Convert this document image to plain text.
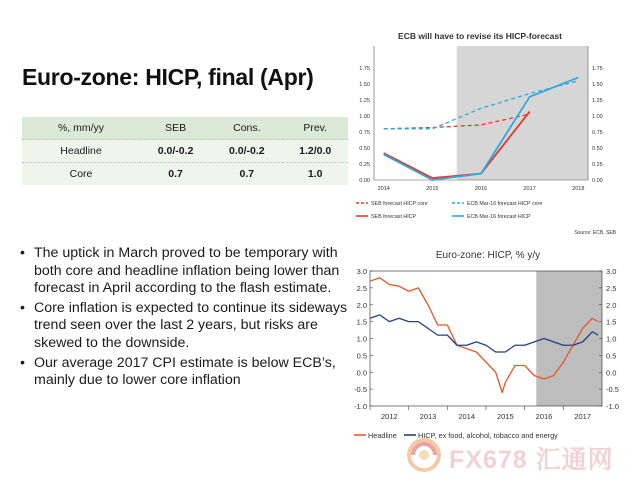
Euro-zone: HICP, final (Apr)
%, mm/yy	SEB	Cons.	Prev.
Headline	0.0/-0.2	0.0/-0.2	1.2/0.0
Core	0.7	0.7	1.0
• The uptick in March proved to be temporary with both core and headline inflation being lower than forecast in April according to the flash estimate.
• Core inflation is expected to continue its sideways trend seen over the last 2 years, but risks are skewed to the downside.
• Our average 2017 CPI estimate is below ECB’s, mainly due to lower core inflation
ECB will have to revise its HICP-forecast
0.00	0.00
0.25	0.25
0.50	0.50
0.75	0.75
1.00	1.00
1.25	1.25
1.50	1.50
1.75	1.75
2014	2015	2016	2017	2018
SEB forecast HICP core	ECB Mar-16 forecast HICP core
SEB forecast HICP	ECB Mar-16 forecast HICP
Source: ECB, SEB
Euro-zone: HICP, % y/y
-1.0	-1.0
-0.5	-0.5
0.0	0.0
0.5	0.5
1.0	1.0
1.5	1.5
2.0	2.0
2.5	2.5
3.0	3.0
2012	2013	2014	2015	2016	2017
Headline	HICP, ex food, alcohol, tobacco and energy
FX678 汇通网
